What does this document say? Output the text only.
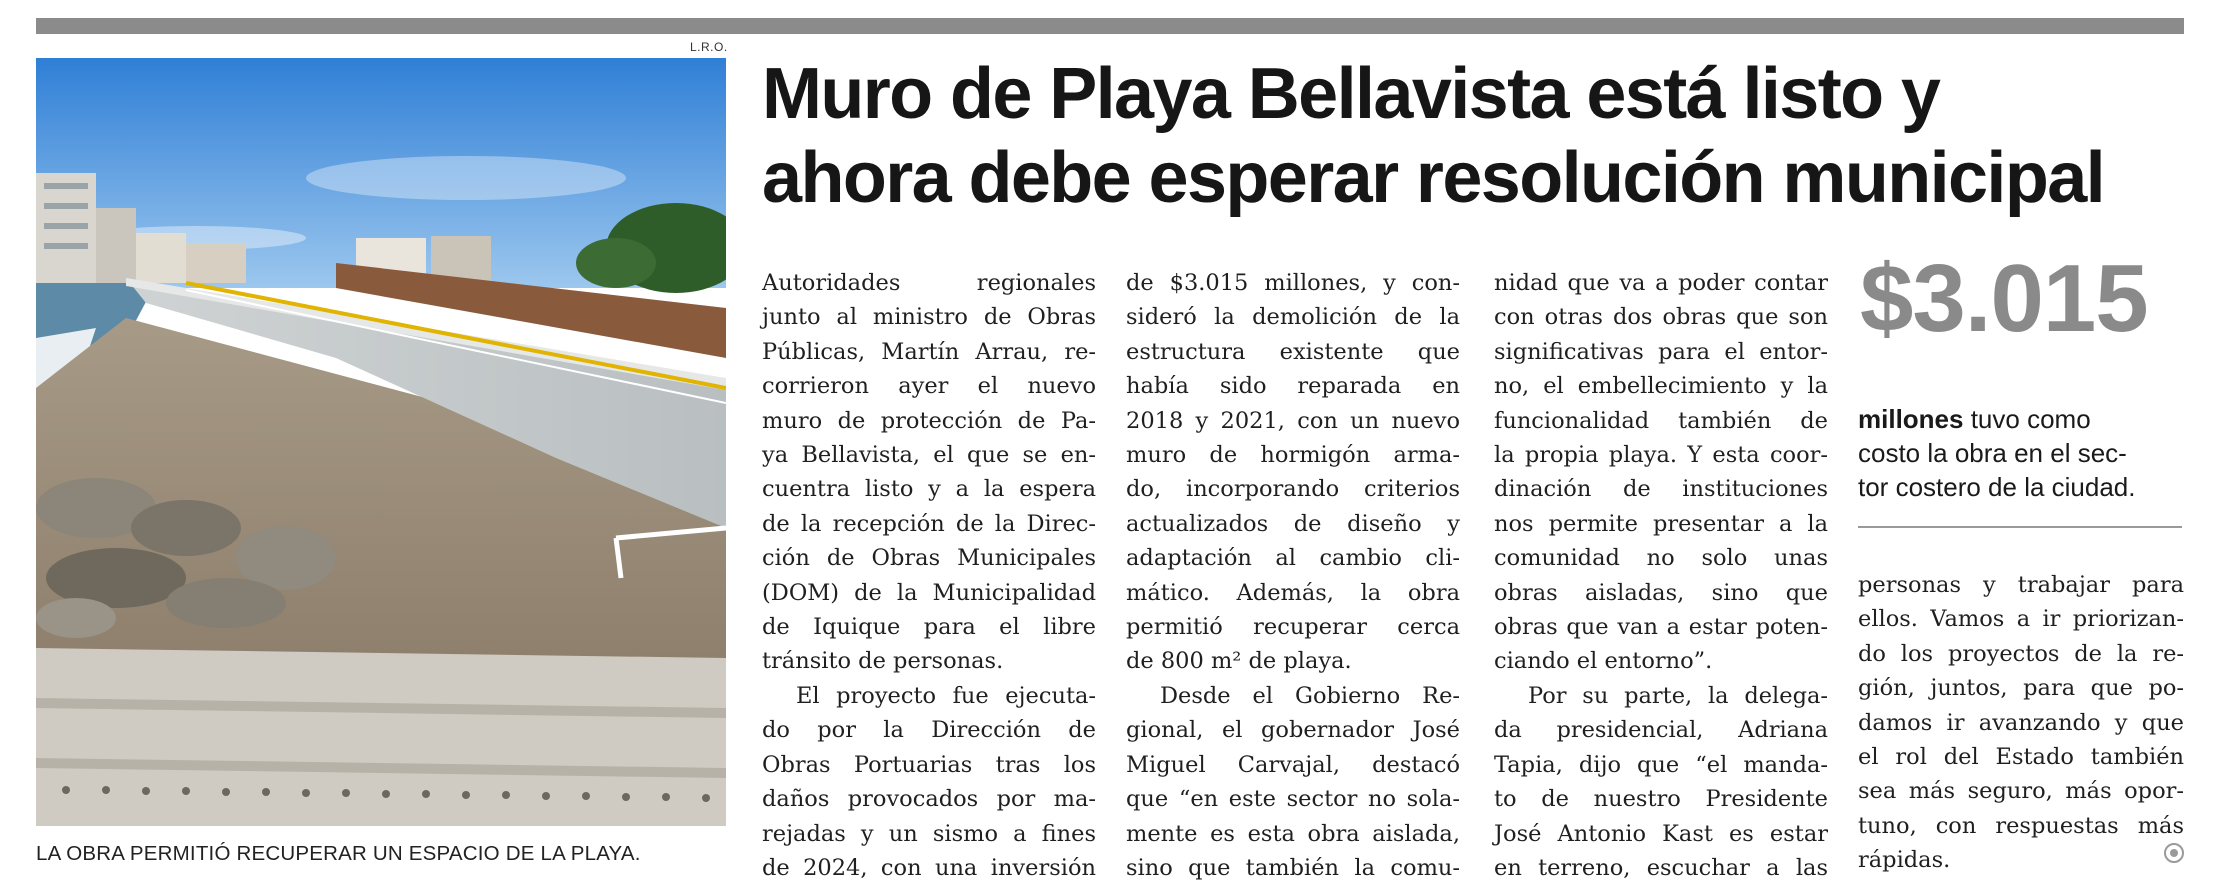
L.R.O.
LA OBRA PERMITIÓ RECUPERAR UN ESPACIO DE LA PLAYA.
Muro de Playa Bellavista está listo y
ahora debe esperar resolución municipal
Autoridades regionales
junto al ministro de Obras
Públicas, Martín Arrau, re-
corrieron ayer el nuevo
muro de protección de Pa-
ya Bellavista, el que se en-
cuentra listo y a la espera
de la recepción de la Direc-
ción de Obras Municipales
(DOM) de la Municipalidad
de Iquique para el libre
tránsito de personas.
El proyecto fue ejecuta-
do por la Dirección de
Obras Portuarias tras los
daños provocados por ma-
rejadas y un sismo a fines
de 2024, con una inversión
de $3.015 millones, y con-
sideró la demolición de la
estructura existente que
había sido reparada en
2018 y 2021, con un nuevo
muro de hormigón arma-
do, incorporando criterios
actualizados de diseño y
adaptación al cambio cli-
mático. Además, la obra
permitió recuperar cerca
de 800 m² de playa.
Desde el Gobierno Re-
gional, el gobernador José
Miguel Carvajal, destacó
que “en este sector no sola-
mente es esta obra aislada,
sino que también la comu-
nidad que va a poder contar
con otras dos obras que son
significativas para el entor-
no, el embellecimiento y la
funcionalidad también de
la propia playa. Y esta coor-
dinación de instituciones
nos permite presentar a la
comunidad no solo unas
obras aisladas, sino que
obras que van a estar poten-
ciando el entorno”.
Por su parte, la delega-
da presidencial, Adriana
Tapia, dijo que “el manda-
to de nuestro Presidente
José Antonio Kast es estar
en terreno, escuchar a las
$3.015
millones tuvo como
costo la obra en el sec-
tor costero de la ciudad.
personas y trabajar para
ellos. Vamos a ir priorizan-
do los proyectos de la re-
gión, juntos, para que po-
damos ir avanzando y que
el rol del Estado también
sea más seguro, más opor-
tuno, con respuestas más
rápidas.
